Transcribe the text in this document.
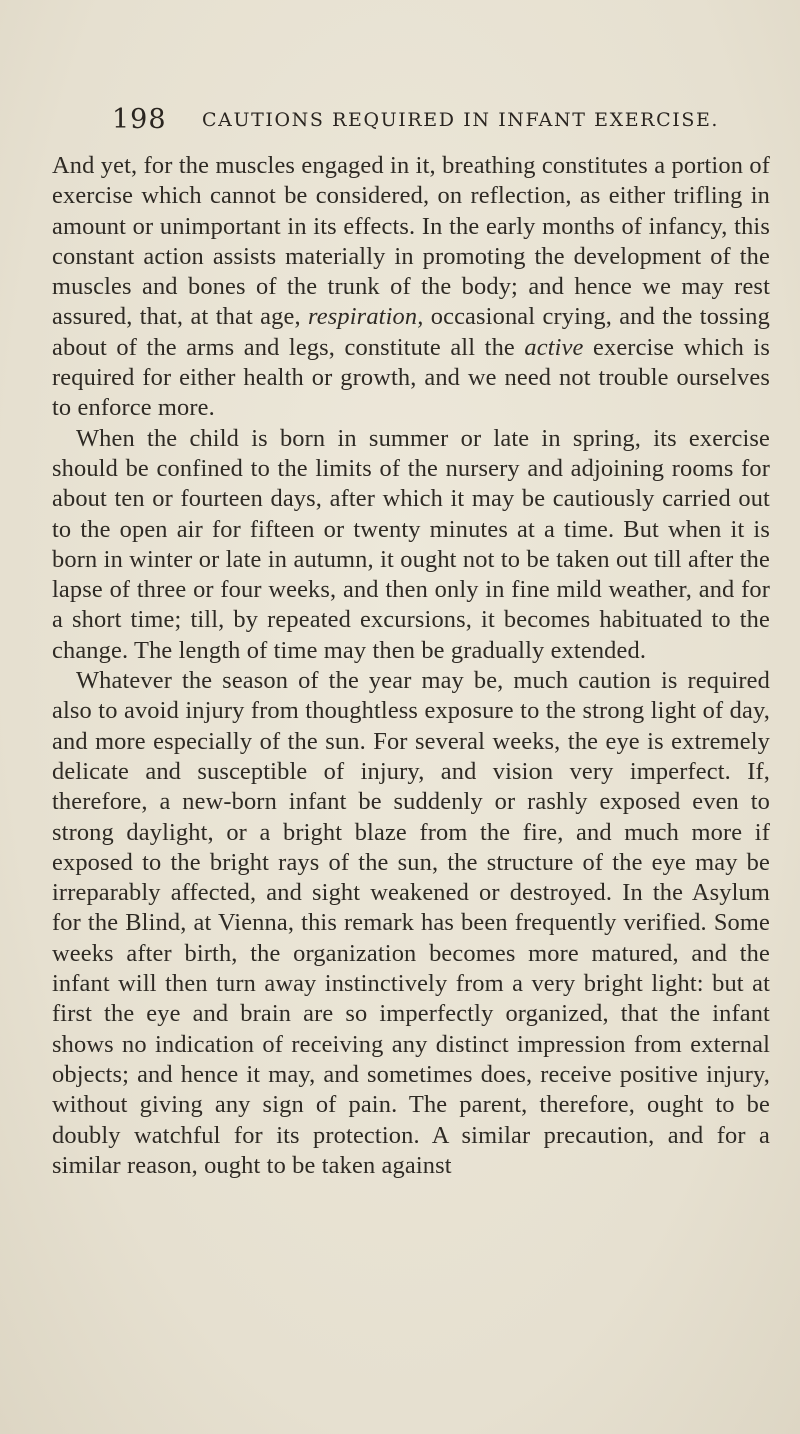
198 CAUTIONS REQUIRED IN INFANT EXERCISE.

And yet, for the muscles engaged in it, breathing constitutes a portion of exercise which cannot be considered, on reflection, as either trifling in amount or unimportant in its effects. In the early months of infancy, this constant action assists materially in promoting the development of the muscles and bones of the trunk of the body; and hence we may rest assured, that, at that age, respiration, occasional crying, and the tossing about of the arms and legs, constitute all the active exercise which is required for either health or growth, and we need not trouble ourselves to enforce more.

When the child is born in summer or late in spring, its exercise should be confined to the limits of the nursery and adjoining rooms for about ten or fourteen days, after which it may be cautiously carried out to the open air for fifteen or twenty minutes at a time. But when it is born in winter or late in autumn, it ought not to be taken out till after the lapse of three or four weeks, and then only in fine mild weather, and for a short time; till, by repeated excursions, it becomes habituated to the change. The length of time may then be gradually extended.

Whatever the season of the year may be, much caution is required also to avoid injury from thoughtless exposure to the strong light of day, and more especially of the sun. For several weeks, the eye is extremely delicate and susceptible of injury, and vision very imperfect. If, therefore, a new-born infant be suddenly or rashly exposed even to strong daylight, or a bright blaze from the fire, and much more if exposed to the bright rays of the sun, the structure of the eye may be irreparably affected, and sight weakened or destroyed. In the Asylum for the Blind, at Vienna, this remark has been frequently verified. Some weeks after birth, the organization becomes more matured, and the infant will then turn away instinctively from a very bright light: but at first the eye and brain are so imperfectly organized, that the infant shows no indication of receiving any distinct impression from external objects; and hence it may, and sometimes does, receive positive injury, without giving any sign of pain. The parent, therefore, ought to be doubly watchful for its protection. A similar precaution, and for a similar reason, ought to be taken against
